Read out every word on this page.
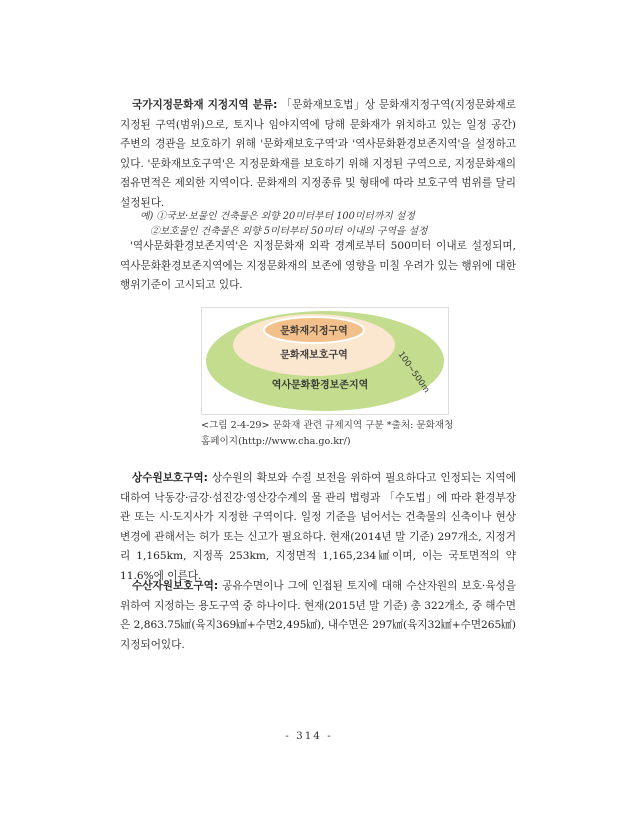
국가지정문화재 지정지역 분류: 「문화재보호법」상 문화재지정구역(지정문화재로 지정된 구역(범위)으로, 토지나 임야지역에 당해 문화재가 위치하고 있는 일정 공간) 주변의 경관을 보호하기 위해 '문화재보호구역'과 '역사문화환경보존지역'을 설정하고 있다. '문화재보호구역'은 지정문화재를 보호하기 위해 지정된 구역으로, 지정문화재의 점유면적은 제외한 지역이다. 문화재의 지정종류 및 형태에 따라 보호구역 범위를 달리 설정된다.

예) ①국보·보물인 건축물은 외향 20미터부터 100미터까지 설정
②보호물인 건축물은 외향 5미터부터 50미터 이내의 구역을 설정

'역사문화환경보존지역'은 지정문화재 외곽 경계로부터 500미터 이내로 설정되며, 역사문화환경보존지역에는 지정문화재의 보존에 영향을 미칠 우려가 있는 행위에 대한 행위기준이 고시되고 있다.

문화재지정구역
문화재보호구역
역사문화환경보존지역	100~500m
<그림 2-4-29> 문화재 관련 규제지역 구분 *출처: 문화재청
홈페이지(http://www.cha.go.kr/)

상수원보호구역: 상수원의 확보와 수질 보전을 위하여 필요하다고 인정되는 지역에 대하여 낙동강·금강·섬진강·영산강수계의 물 관리 법령과 「수도법」에 따라 환경부장관 또는 시·도지사가 지정한 구역이다. 일정 기준을 넘어서는 건축물의 신축이나 현상변경에 관해서는 허가 또는 신고가 필요하다. 현재(2014년 말 기준) 297개소, 지정거리 1,165km, 지정폭 253km, 지정면적 1,165,234㎢이며, 이는 국토면적의 약 11.6%에 이른다.

수산자원보호구역: 공유수면이나 그에 인접된 토지에 대해 수산자원의 보호·육성을 위하여 지정하는 용도구역 중 하나이다. 현재(2015년 말 기준) 총 322개소, 중 해수면은 2,863.75㎢(육지369㎢+수면2,495㎢), 내수면은 297㎢(육지32㎢+수면265㎢) 지정되어있다.

- 314 -
